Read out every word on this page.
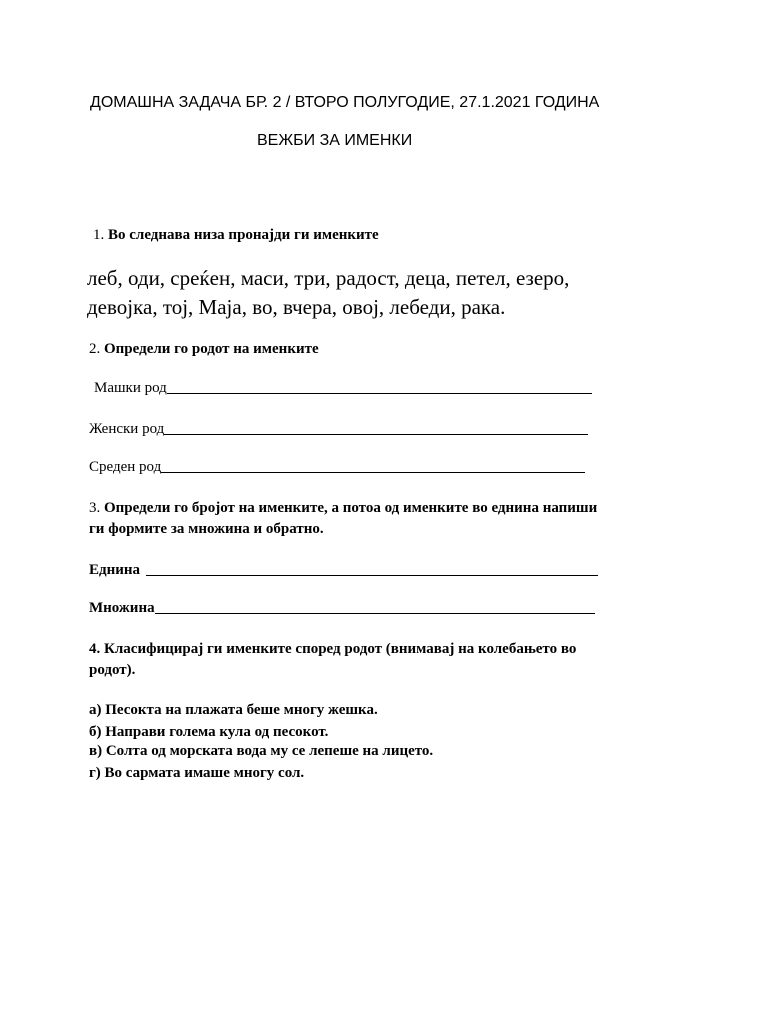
ДОМАШНА ЗАДАЧА БР. 2 / ВТОРО ПОЛУГОДИЕ, 27.1.2021 ГОДИНА
ВЕЖБИ ЗА ИМЕНКИ
1. Во следнава низа пронајди ги именките
леб, оди, среќен, маси, три, радост, деца, петел, езеро,
девојка, тој, Маја, во, вчера, овој, лебеди, рака.
2. Определи го родот на именките
Машки род
Женски род
Среден род
3. Определи го бројот на именките, а потоа од именките во еднина напиши
ги формите за множина и обратно.
Еднина
Множина
4. Класифицирај ги именките според родот (внимавај на колебањето во
родот).
а) Песокта на плажата беше многу жешка.
б) Направи голема кула од песокот.
в) Солта од морската вода му се лепеше на лицето.
г) Во сармата имаше многу сол.
